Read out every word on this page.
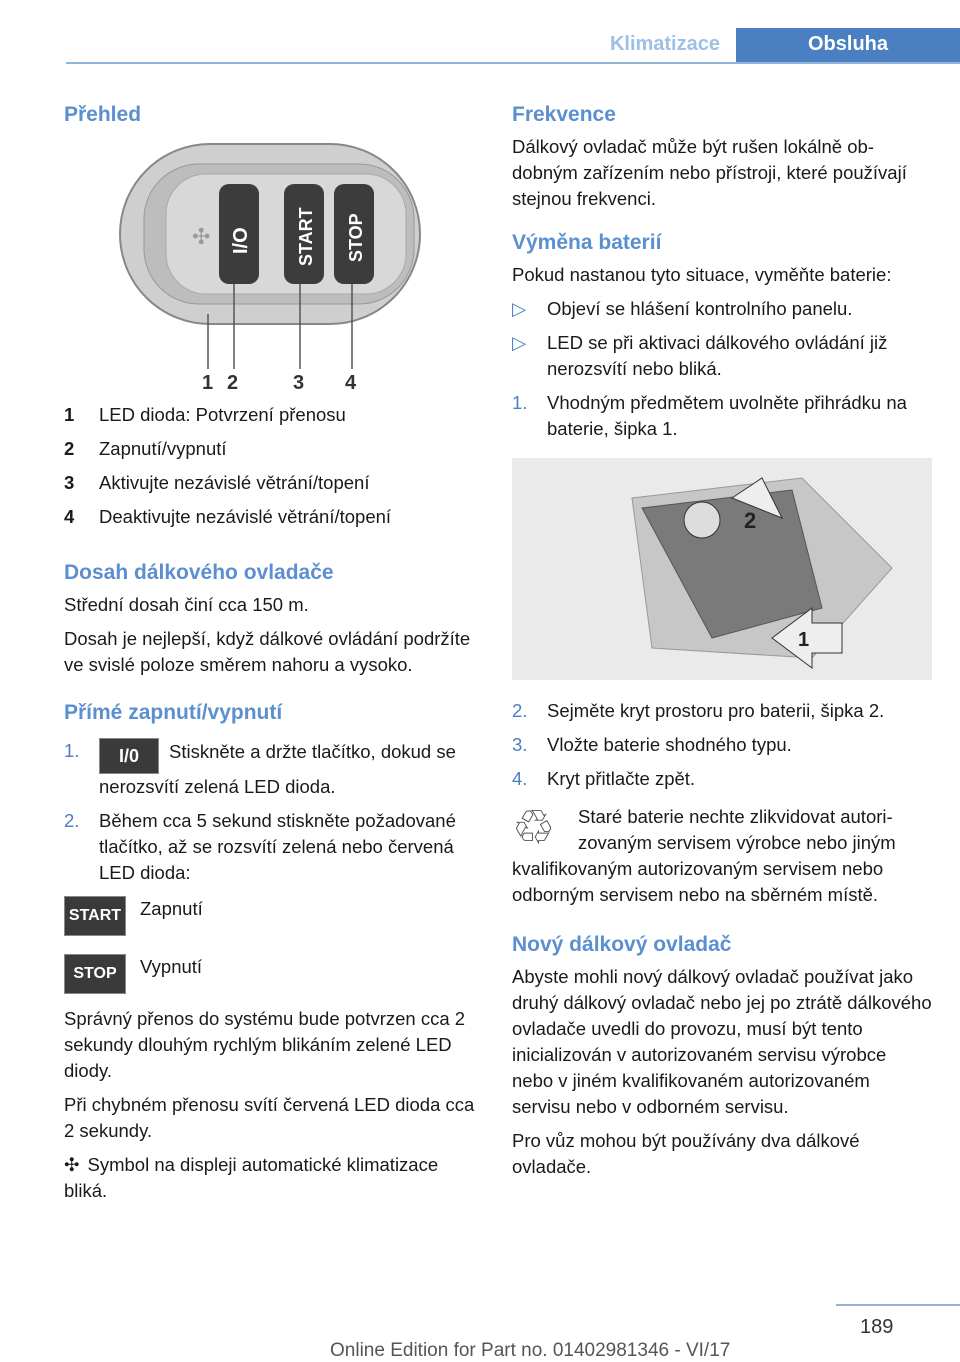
Klimatizace	Obsluha
Přehled
✣ I/O START STOP
1 2	3 4
1	LED dioda: Potvrzení přenosu
2	Zapnutí/vypnutí
3	Aktivujte nezávislé větrání/topení
4	Deaktivujte nezávislé větrání/topení
Dosah dálkového ovladače

Střední dosah činí cca 150 m.

Dosah je nejlepší, když dálkové ovládání podržíte ve svislé poloze směrem nahoru a vysoko.

Přímé zapnutí/vypnutí
1.	I/0 Stiskněte a držte tlačítko, dokud se nerozsvítí zelená LED dioda.
2.	Během cca 5 sekund stiskněte požadované tlačítko, až se rozsvítí zelená nebo červená LED dioda:
START Zapnutí
STOP	Vypnutí

Správný přenos do systému bude potvrzen cca 2 sekundy dlouhým rychlým blikáním zelené LED diody.

Při chybném přenosu svítí červená LED dioda cca 2 sekundy.

✣ Symbol na displeji automatické klimatizace bliká.

Frekvence

Dálkový ovladač může být rušen lokálně obdobným zařízením nebo přístroji, které používají stejnou frekvenci.

Výměna baterií

Pokud nastanou tyto situace, vyměňte baterie:

▷	Objeví se hlášení kontrolního panelu.
▷	LED se při aktivaci dálkového ovládání již nerozsvítí nebo bliká.
1.	Vhodným předmětem uvolněte přihrádku na baterie, šipka 1.
2
1
2.	Sejměte kryt prostoru pro baterii, šipka 2.
3.	Vložte baterie shodného typu.
4.	Kryt přitlačte zpět.
♲	Staré baterie nechte zlikvidovat autorizovaným servisem výrobce nebo jiným kvalifikovaným autorizovaným servisem nebo odborným servisem nebo na sběrném místě.
Nový dálkový ovladač

Abyste mohli nový dálkový ovladač používat jako druhý dálkový ovladač nebo jej po ztrátě dálkového ovladače uvedli do provozu, musí být tento inicializován v autorizovaném servisu výrobce nebo v jiném kvalifikovaném autorizovaném servisu nebo v odborném servisu.

Pro vůz mohou být používány dva dálkové ovladače.

189
Online Edition for Part no. 01402981346 - VI/17
